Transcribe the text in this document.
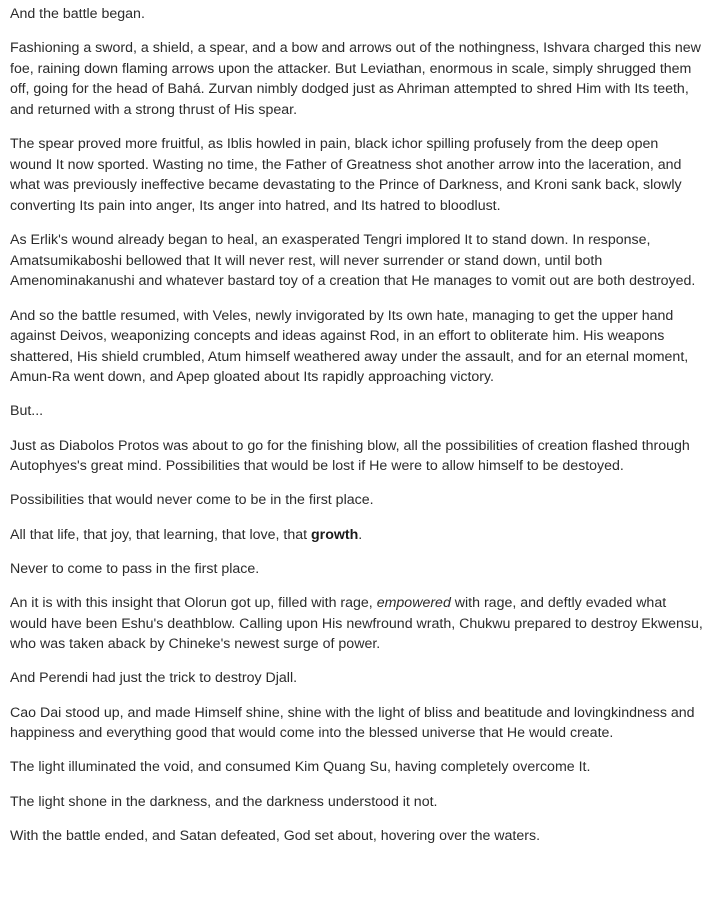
And the battle began.

Fashioning a sword, a shield, a spear, and a bow and arrows out of the nothingness, Ishvara charged this new foe, raining down flaming arrows upon the attacker. But Leviathan, enormous in scale, simply shrugged them off, going for the head of Bahá. Zurvan nimbly dodged just as Ahriman attempted to shred Him with Its teeth, and returned with a strong thrust of His spear.

The spear proved more fruitful, as Iblis howled in pain, black ichor spilling profusely from the deep open wound It now sported. Wasting no time, the Father of Greatness shot another arrow into the laceration, and what was previously ineffective became devastating to the Prince of Darkness, and Kroni sank back, slowly converting Its pain into anger, Its anger into hatred, and Its hatred to bloodlust.

As Erlik's wound already began to heal, an exasperated Tengri implored It to stand down. In response, Amatsumikaboshi bellowed that It will never rest, will never surrender or stand down, until both Amenominakanushi and whatever bastard toy of a creation that He manages to vomit out are both destroyed.

And so the battle resumed, with Veles, newly invigorated by Its own hate, managing to get the upper hand against Deivos, weaponizing concepts and ideas against Rod, in an effort to obliterate him. His weapons shattered, His shield crumbled, Atum himself weathered away under the assault, and for an eternal moment, Amun-Ra went down, and Apep gloated about Its rapidly approaching victory.

But...

Just as Diabolos Protos was about to go for the finishing blow, all the possibilities of creation flashed through Autophyes's great mind. Possibilities that would be lost if He were to allow himself to be destoyed.

Possibilities that would never come to be in the first place.

All that life, that joy, that learning, that love, that growth.

Never to come to pass in the first place.

An it is with this insight that Olorun got up, filled with rage, empowered with rage, and deftly evaded what would have been Eshu's deathblow. Calling upon His newfround wrath, Chukwu prepared to destroy Ekwensu, who was taken aback by Chineke's newest surge of power.

And Perendi had just the trick to destroy Djall.

Cao Dai stood up, and made Himself shine, shine with the light of bliss and beatitude and lovingkindness and happiness and everything good that would come into the blessed universe that He would create.

The light illuminated the void, and consumed Kim Quang Su, having completely overcome It.

The light shone in the darkness, and the darkness understood it not.

With the battle ended, and Satan defeated, God set about, hovering over the waters.
